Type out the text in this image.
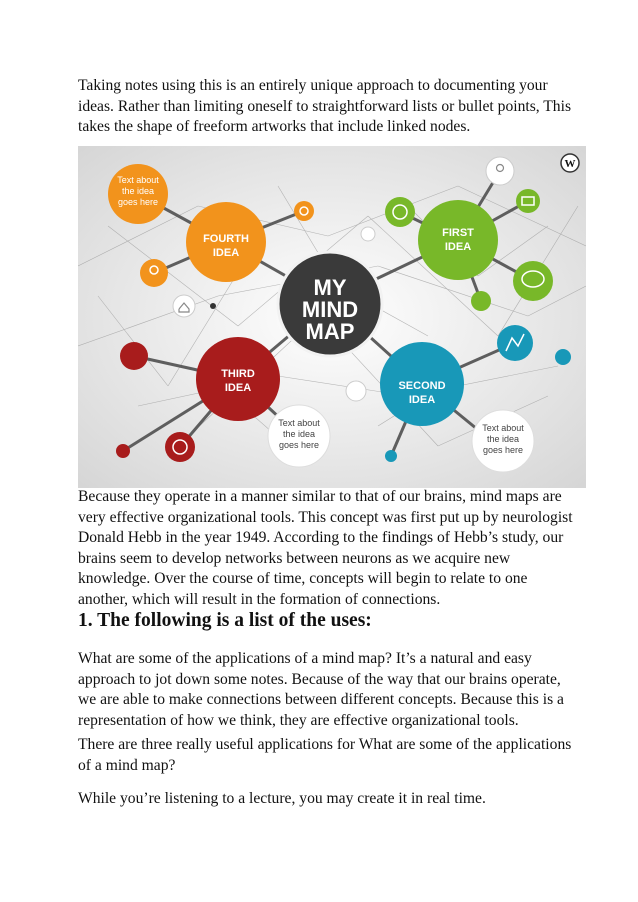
Taking notes using this is an entirely unique approach to documenting your ideas. Rather than limiting oneself to straightforward lists or bullet points, This takes the shape of freeform artworks that include linked nodes.

FOURTH
IDEA
FIRST
IDEA
SECOND
IDEA
THIRD
IDEA
MY
MIND
MAP
Text about
the idea
goes here
Text about
the idea
goes here
Text about
the idea
goes here
W

Because they operate in a manner similar to that of our brains, mind maps are very effective organizational tools. This concept was first put up by neurologist Donald Hebb in the year 1949. According to the findings of Hebb’s study, our brains seem to develop networks between neurons as we acquire new knowledge. Over the course of time, concepts will begin to relate to one another, which will result in the formation of connections.

1. The following is a list of the uses:

What are some of the applications of a mind map? It’s a natural and easy approach to jot down some notes. Because of the way that our brains operate, we are able to make connections between different concepts. Because this is a representation of how we think, they are effective organizational tools.

There are three really useful applications for What are some of the applications of a mind map?

While you’re listening to a lecture, you may create it in real time.
